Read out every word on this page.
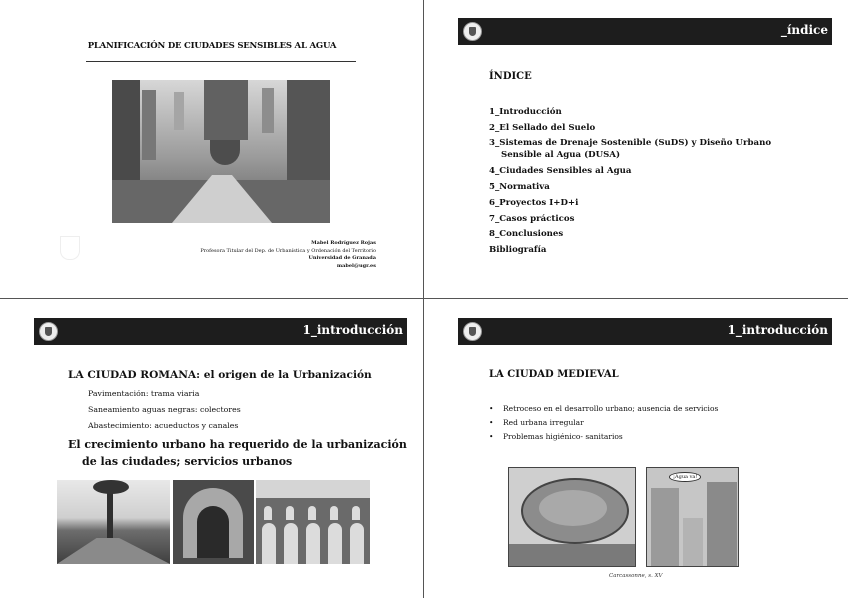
PLANIFICACIÓN DE CIUDADES SENSIBLES AL AGUA
Mabel Rodríguez Rojas
Profesora Titular del Dep. de Urbanística y Ordenación del Territorio
Universidad de Granada
mabel@ugr.es
_índice
ÍNDICE
1_Introducción
2_El Sellado del Suelo
3_Sistemas de Drenaje Sostenible (SuDS) y Diseño Urbano Sensible al Agua (DUSA)
4_Ciudades Sensibles al Agua
5_Normativa
6_Proyectos I+D+i
7_Casos prácticos
8_Conclusiones
Bibliografía
1_introducción
LA CIUDAD ROMANA: el origen de la Urbanización
Pavimentación: trama viaria
Saneamiento aguas negras: colectores
Abastecimiento: acueductos y canales
El crecimiento urbano ha requerido de la urbanización
de las ciudades; servicios urbanos
1_introducción
LA CIUDAD MEDIEVAL
• Retroceso en el desarrollo urbano; ausencia de servicios
• Red urbana irregular
• Problemas higiénico- sanitarios
¡Agua va!
Carcassonne, s. XV
